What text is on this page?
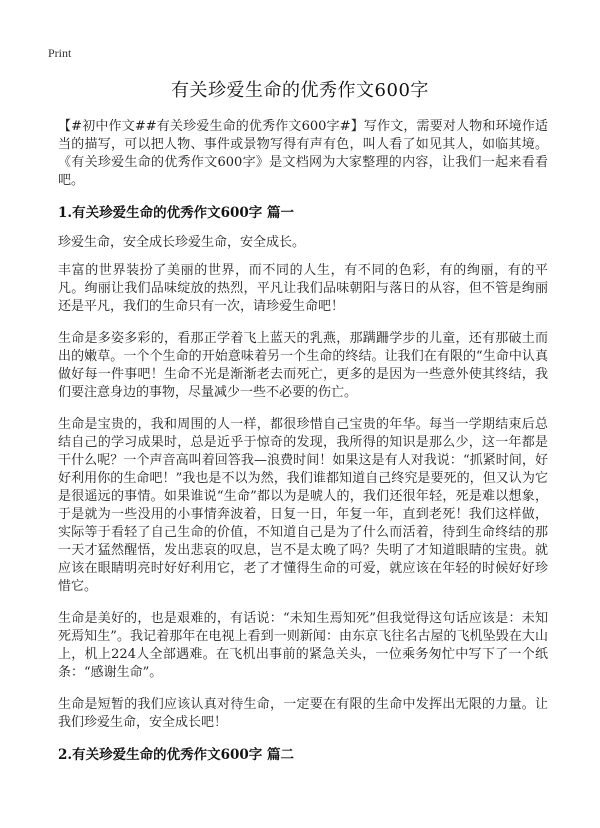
Print
有关珍爱生命的优秀作文600字

【#初中作文##有关珍爱生命的优秀作文600字#】写作文，需要对人物和环境作适当的描写，可以把人物、事件或景物写得有声有色，叫人看了如见其人，如临其境。《有关珍爱生命的优秀作文600字》是文档网为大家整理的内容，让我们一起来看看吧。

1.有关珍爱生命的优秀作文600字 篇一

珍爱生命，安全成长珍爱生命，安全成长。

丰富的世界装扮了美丽的世界，而不同的人生，有不同的色彩，有的绚丽，有的平凡。绚丽让我们品味绽放的热烈，平凡让我们品味朝阳与落日的从容，但不管是绚丽还是平凡，我们的生命只有一次，请珍爱生命吧！

生命是多姿多彩的，看那正学着飞上蓝天的乳燕，那蹒跚学步的儿童，还有那破土而出的嫩草。一个个生命的开始意味着另一个生命的终结。让我们在有限的“生命中认真做好每一件事吧！生命不光是渐渐老去而死亡，更多的是因为一些意外使其终结，我们要注意身边的事物，尽量减少一些不必要的伤亡。

生命是宝贵的，我和周围的人一样，都很珍惜自己宝贵的年华。每当一学期结束后总结自己的学习成果时，总是近乎于惊奇的发现，我所得的知识是那么少，这一年都是干什么呢？一个声音高叫着回答我—浪费时间！如果这是有人对我说：“抓紧时间，好好利用你的生命吧！”我也是不以为然，我们谁都知道自己终究是要死的，但又认为它是很遥远的事情。如果谁说“生命”都以为是唬人的，我们还很年轻，死是难以想象，于是就为一些没用的小事情奔波着，日复一日，年复一年，直到老死！我们这样做，实际等于看轻了自己生命的价值，不知道自己是为了什么而活着，待到生命终结的那一天才猛然醒悟，发出悲哀的叹息，岂不是太晚了吗？失明了才知道眼睛的宝贵。就应该在眼睛明亮时好好利用它，老了才懂得生命的可爱，就应该在年轻的时候好好珍惜它。

生命是美好的，也是艰难的，有话说：“未知生焉知死”但我觉得这句话应该是：未知死焉知生”。我记着那年在电视上看到一则新闻：由东京飞往名古屋的飞机坠毁在大山上，机上224人全部遇难。在飞机出事前的紧急关头，一位乘务匆忙中写下了一个纸条：“感谢生命”。

生命是短暂的我们应该认真对待生命，一定要在有限的生命中发挥出无限的力量。让我们珍爱生命，安全成长吧！

2.有关珍爱生命的优秀作文600字 篇二
